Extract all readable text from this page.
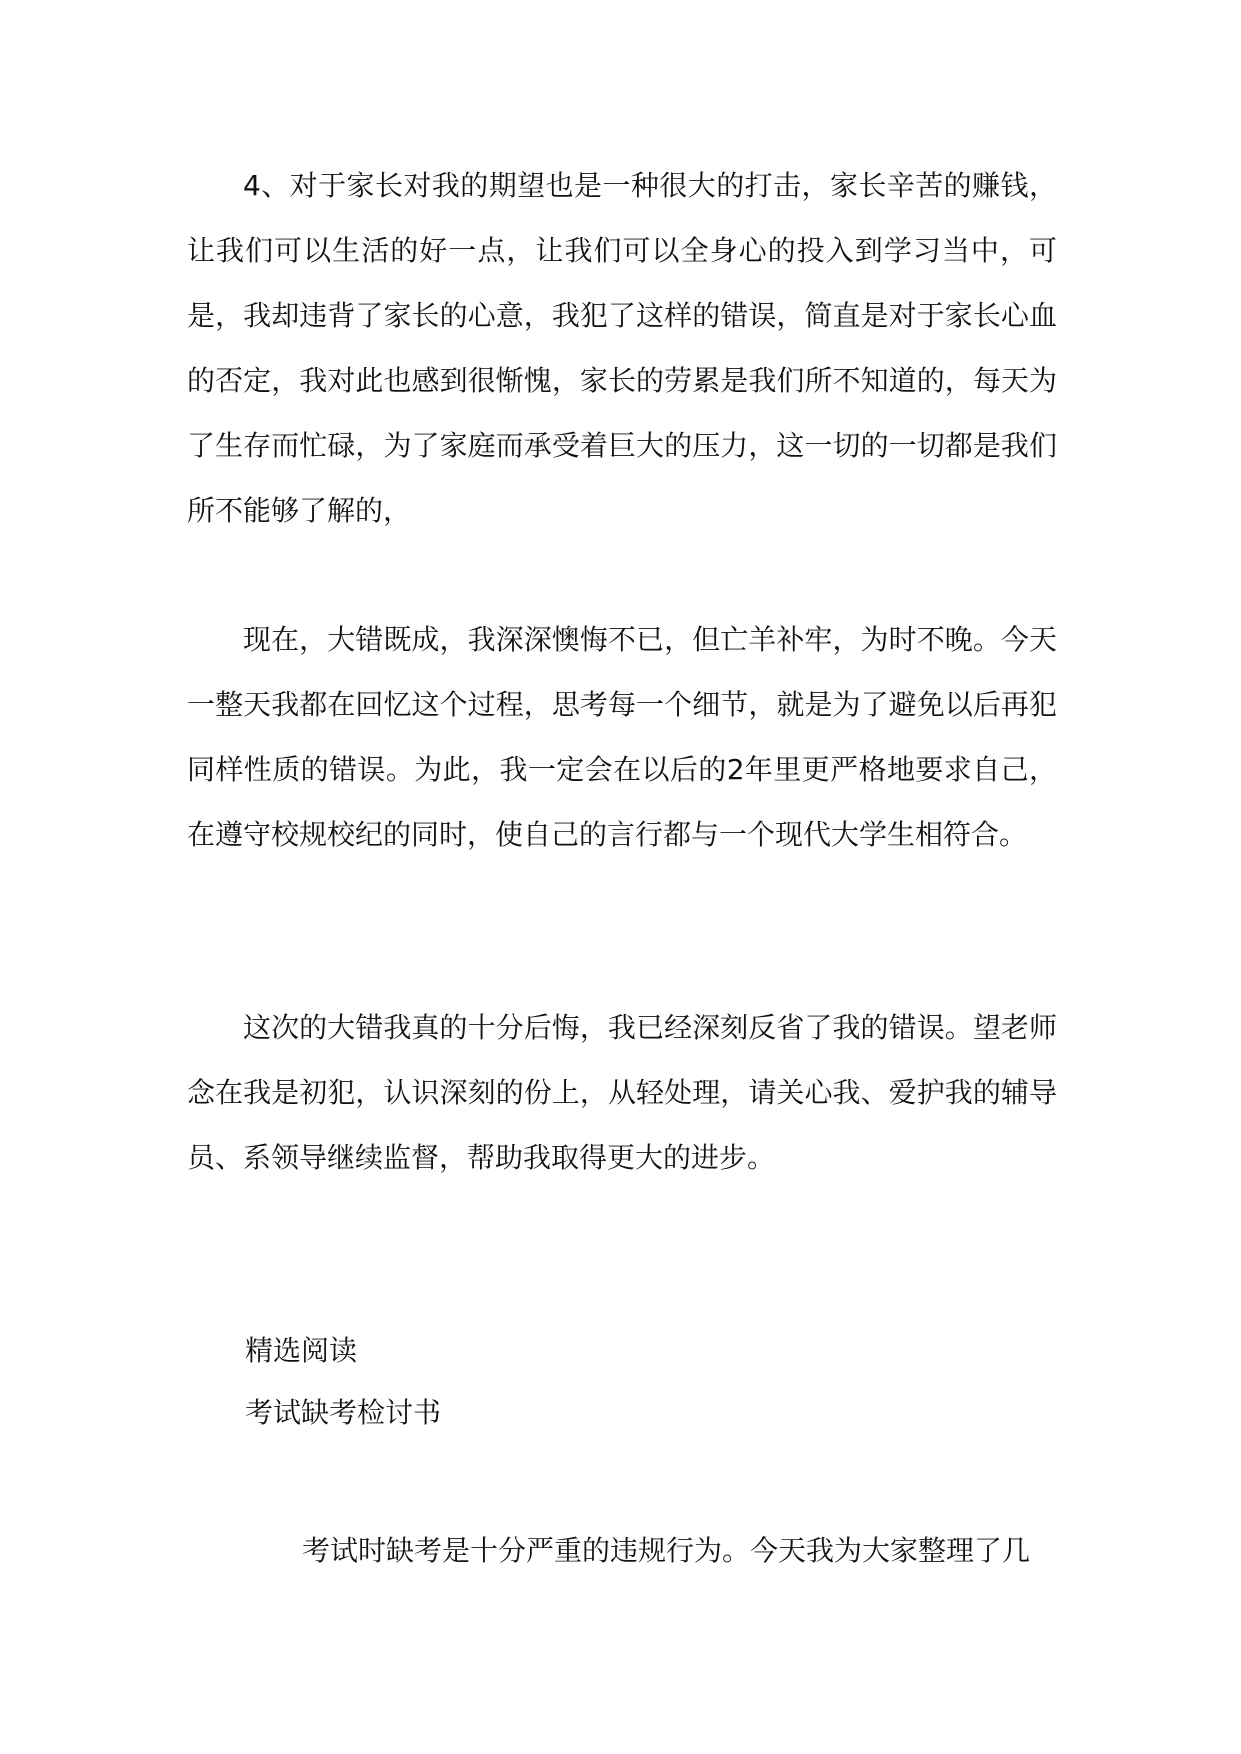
4、对于家长对我的期望也是一种很大的打击，家长辛苦的赚钱，让我们可以生活的好一点，让我们可以全身心的投入到学习当中，可是，我却违背了家长的心意，我犯了这样的错误，简直是对于家长心血的否定，我对此也感到很惭愧，家长的劳累是我们所不知道的，每天为了生存而忙碌，为了家庭而承受着巨大的压力，这一切的一切都是我们所不能够了解的，

现在，大错既成，我深深懊悔不已，但亡羊补牢，为时不晚。今天一整天我都在回忆这个过程，思考每一个细节，就是为了避免以后再犯同样性质的错误。为此，我一定会在以后的2年里更严格地要求自己，在遵守校规校纪的同时，使自己的言行都与一个现代大学生相符合。

这次的大错我真的十分后悔，我已经深刻反省了我的错误。望老师念在我是初犯，认识深刻的份上，从轻处理，请关心我、爱护我的辅导员、系领导继续监督，帮助我取得更大的进步。

精选阅读

考试缺考检讨书

考试时缺考是十分严重的违规行为。今天我为大家整理了几
